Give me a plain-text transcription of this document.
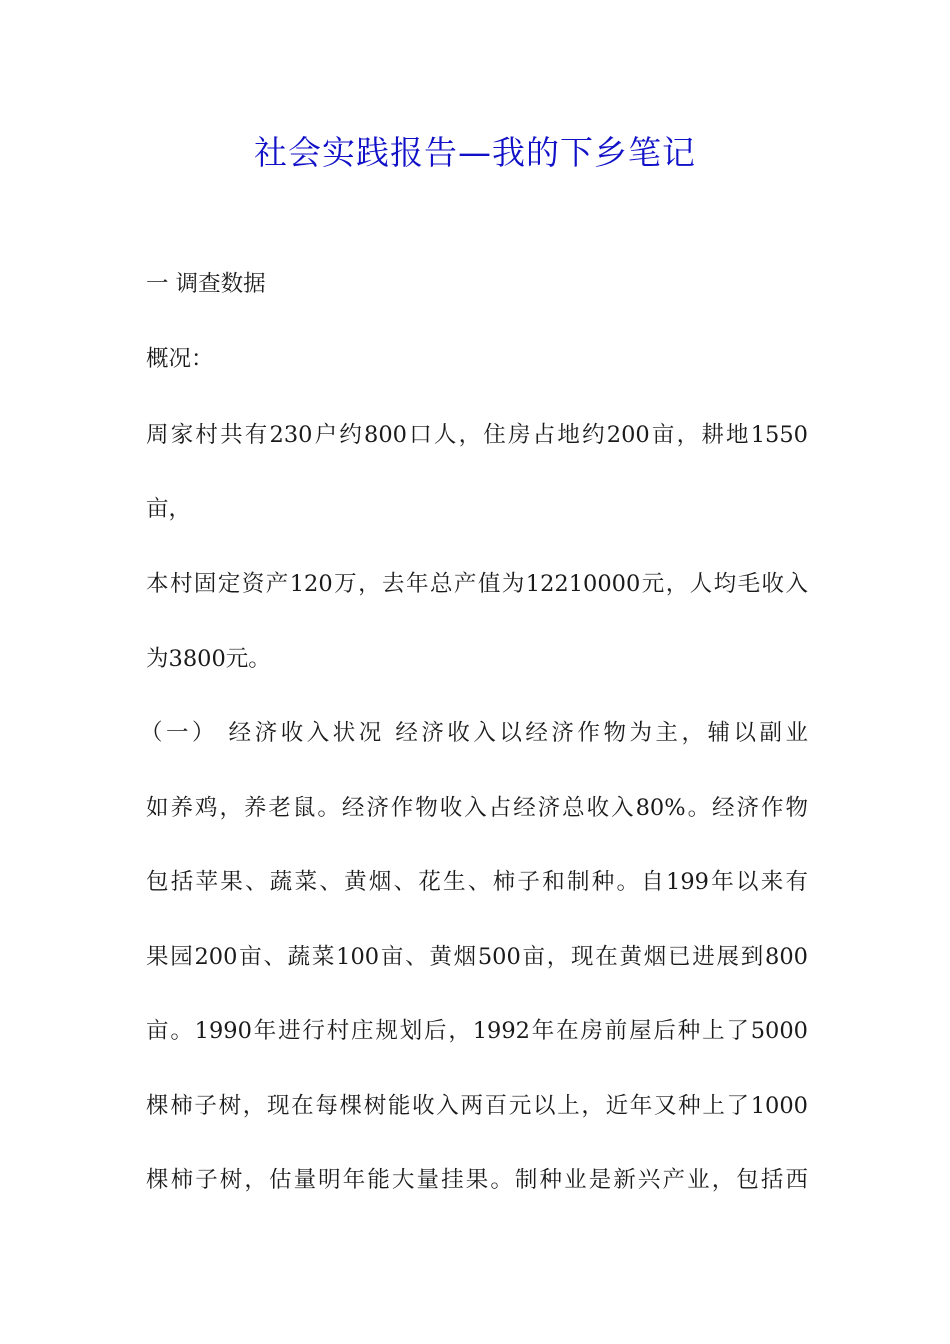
社会实践报告—我的下乡笔记

一 调查数据

概况：

周家村共有230户约800口人，住房占地约200亩，耕地1550

亩，

本村固定资产120万，去年总产值为12210000元，人均毛收入

为3800元。

（一） 经济收入状况 经济收入以经济作物为主，辅以副业

如养鸡，养老鼠。经济作物收入占经济总收入80%。经济作物

包括苹果、蔬菜、黄烟、花生、柿子和制种。自199年以来有

果园200亩、蔬菜100亩、黄烟500亩，现在黄烟已进展到800

亩。1990年进行村庄规划后，1992年在房前屋后种上了5000

棵柿子树，现在每棵树能收入两百元以上，近年又种上了1000

棵柿子树，估量明年能大量挂果。制种业是新兴产业，包括西
